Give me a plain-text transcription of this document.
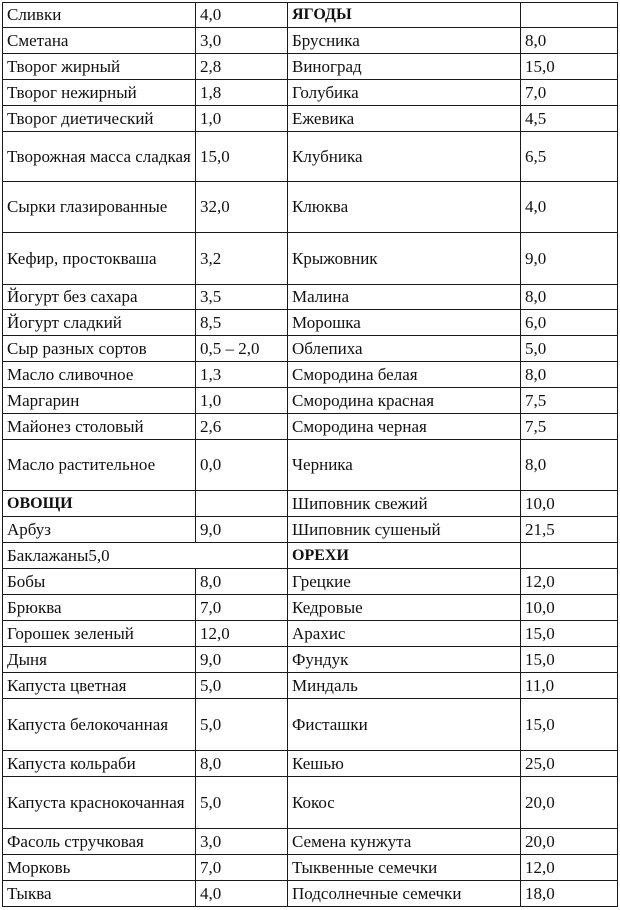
Сливки	4,0	ЯГОДЫ	
Сметана	3,0	Брусника	8,0
Творог жирный	2,8	Виноград	15,0
Творог нежирный	1,8	Голубика	7,0
Творог диетический	1,0	Ежевика	4,5
Творожная масса сладкая	15,0	Клубника	6,5
Сырки глазированные	32,0	Клюква	4,0
Кефир, простокваша	3,2	Крыжовник	9,0
Йогурт без сахара	3,5	Малина	8,0
Йогурт сладкий	8,5	Морошка	6,0
Сыр разных сортов	0,5 – 2,0	Облепиха	5,0
Масло сливочное	1,3	Смородина белая	8,0
Маргарин	1,0	Смородина красная	7,5
Майонез столовый	2,6	Смородина черная	7,5
Масло растительное	0,0	Черника	8,0
ОВОЩИ		Шиповник свежий	10,0
Арбуз	9,0	Шиповник сушеный	21,5
Баклажаны5,0		ОРЕХИ	
Бобы	8,0	Грецкие	12,0
Брюква	7,0	Кедровые	10,0
Горошек зеленый	12,0	Арахис	15,0
Дыня	9,0	Фундук	15,0
Капуста цветная	5,0	Миндаль	11,0
Капуста белокочанная	5,0	Фисташки	15,0
Капуста кольраби	8,0	Кешью	25,0
Капуста краснокочанная	5,0	Кокос	20,0
Фасоль стручковая	3,0	Семена кунжута	20,0
Морковь	7,0	Тыквенные семечки	12,0
Тыква	4,0	Подсолнечные семечки	18,0
